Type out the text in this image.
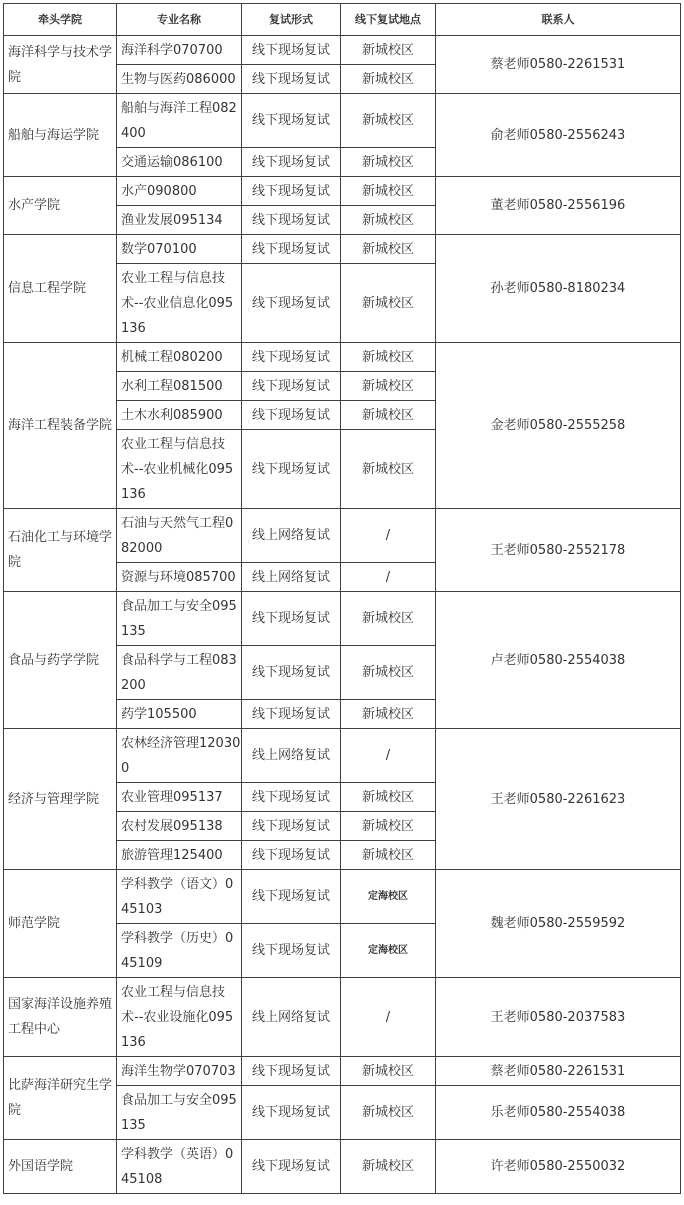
牵头学院	专业名称	复试形式	线下复试地点	联系人
海洋科学与技术学院	海洋科学070700	线下现场复试	新城校区	蔡老师0580-2261531
	生物与医药086000	线下现场复试	新城校区	
船舶与海运学院	船舶与海洋工程082400	线下现场复试	新城校区	俞老师0580-2556243
	交通运输086100	线下现场复试	新城校区	
水产学院	水产090800	线下现场复试	新城校区	董老师0580-2556196
	渔业发展095134	线下现场复试	新城校区	
信息工程学院	数学070100	线下现场复试	新城校区	孙老师0580-8180234
	农业工程与信息技术--农业信息化095136	线下现场复试	新城校区	
海洋工程装备学院	机械工程080200	线下现场复试	新城校区	金老师0580-2555258
	水利工程081500	线下现场复试	新城校区	
	土木水利085900	线下现场复试	新城校区	
	农业工程与信息技术--农业机械化095136	线下现场复试	新城校区	
石油化工与环境学院	石油与天然气工程082000	线上网络复试	/	王老师0580-2552178
	资源与环境085700	线上网络复试	/	
食品与药学学院	食品加工与安全095135	线下现场复试	新城校区	卢老师0580-2554038
	食品科学与工程083200	线下现场复试	新城校区	
	药学105500	线下现场复试	新城校区	
经济与管理学院	农林经济管理120300	线上网络复试	/	王老师0580-2261623
	农业管理095137	线下现场复试	新城校区	
	农村发展095138	线下现场复试	新城校区	
	旅游管理125400	线下现场复试	新城校区	
师范学院	学科教学（语文）045103	线下现场复试	定海校区	魏老师0580-2559592
	学科教学（历史）045109	线下现场复试	定海校区	
国家海洋设施养殖工程中心	农业工程与信息技术--农业设施化095136	线上网络复试	/	王老师0580-2037583
比萨海洋研究生学院	海洋生物学070703	线下现场复试	新城校区	蔡老师0580-2261531
	食品加工与安全095135	线下现场复试	新城校区	乐老师0580-2554038
外国语学院	学科教学（英语）045108	线下现场复试	新城校区	许老师0580-2550032
